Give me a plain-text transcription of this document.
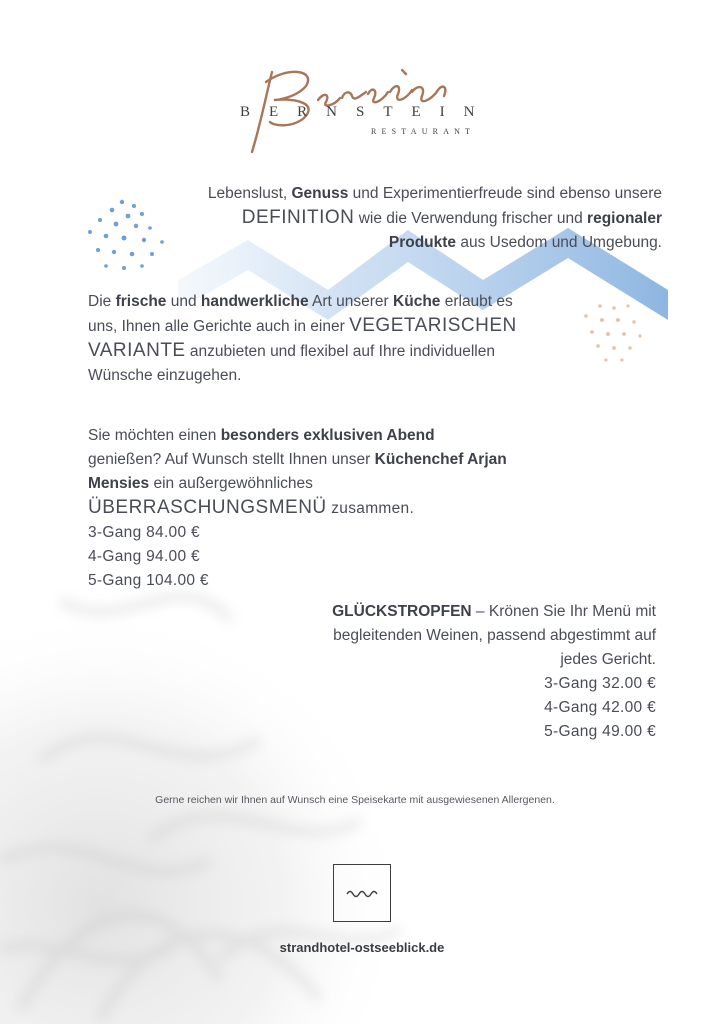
BERNSTEIN
RESTAURANT
Lebenslust, Genuss und Experimentierfreude sind ebenso unsere DEFINITION wie die Verwendung frischer und regionaler Produkte aus Usedom und Umgebung.
Die frische und handwerkliche Art unserer Küche erlaubt es uns, Ihnen alle Gerichte auch in einer VEGETARISCHEN VARIANTE anzubieten und flexibel auf Ihre individuellen Wünsche einzugehen.
Sie möchten einen besonders exklusiven Abend genießen? Auf Wunsch stellt Ihnen unser Küchenchef Arjan Mensies ein außergewöhnliches ÜBERRASCHUNGSMENÜ zusammen.
3-Gang 84.00 €
4-Gang 94.00 €
5-Gang 104.00 €
GLÜCKSTROPFEN – Krönen Sie Ihr Menü mit begleitenden Weinen, passend abgestimmt auf jedes Gericht.
3-Gang 32.00 €
4-Gang 42.00 €
5-Gang 49.00 €
Gerne reichen wir Ihnen auf Wunsch eine Speisekarte mit ausgewiesenen Allergenen.
strandhotel-ostseeblick.de
